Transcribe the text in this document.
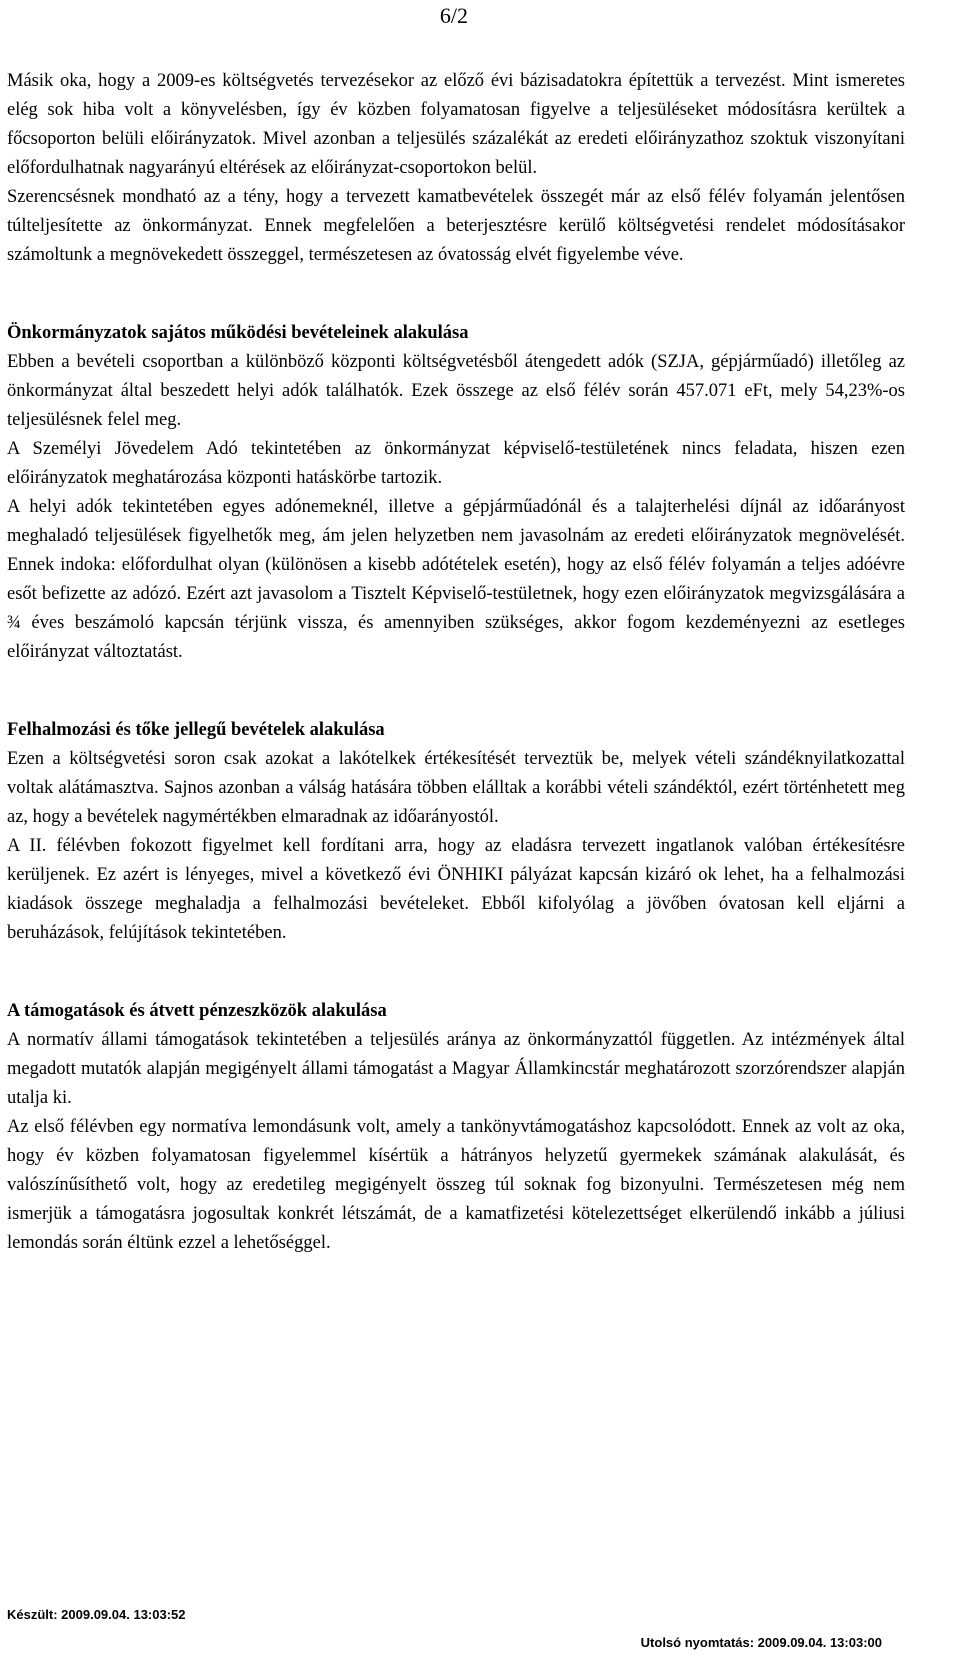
6/2

Másik oka, hogy a 2009-es költségvetés tervezésekor az előző évi bázisadatokra építettük a tervezést. Mint ismeretes elég sok hiba volt a könyvelésben, így év közben folyamatosan figyelve a teljesüléseket módosításra kerültek a főcsoporton belüli előirányzatok. Mivel azonban a teljesülés százalékát az eredeti előirányzathoz szoktuk viszonyítani előfordulhatnak nagyarányú eltérések az előirányzat-csoportokon belül.

Szerencsésnek mondható az a tény, hogy a tervezett kamatbevételek összegét már az első félév folyamán jelentősen túlteljesítette az önkormányzat. Ennek megfelelően a beterjesztésre kerülő költségvetési rendelet módosításakor számoltunk a megnövekedett összeggel, természetesen az óvatosság elvét figyelembe véve.

Önkormányzatok sajátos működési bevételeinek alakulása

Ebben a bevételi csoportban a különböző központi költségvetésből átengedett adók (SZJA, gépjárműadó) illetőleg az önkormányzat által beszedett helyi adók találhatók. Ezek összege az első félév során 457.071 eFt, mely 54,23%-os teljesülésnek felel meg.

A Személyi Jövedelem Adó tekintetében az önkormányzat képviselő-testületének nincs feladata, hiszen ezen előirányzatok meghatározása központi hatáskörbe tartozik.

A helyi adók tekintetében egyes adónemeknél, illetve a gépjárműadónál és a talajterhelési díjnál az időarányost meghaladó teljesülések figyelhetők meg, ám jelen helyzetben nem javasolnám az eredeti előirányzatok megnövelését. Ennek indoka: előfordulhat olyan (különösen a kisebb adótételek esetén), hogy az első félév folyamán a teljes adóévre esőt befizette az adózó. Ezért azt javasolom a Tisztelt Képviselő-testületnek, hogy ezen előirányzatok megvizsgálására a ¾ éves beszámoló kapcsán térjünk vissza, és amennyiben szükséges, akkor fogom kezdeményezni az esetleges előirányzat változtatást.

Felhalmozási és tőke jellegű bevételek alakulása

Ezen a költségvetési soron csak azokat a lakótelkek értékesítését terveztük be, melyek vételi szándéknyilatkozattal voltak alátámasztva. Sajnos azonban a válság hatására többen elálltak a korábbi vételi szándéktól, ezért történhetett meg az, hogy a bevételek nagymértékben elmaradnak az időarányostól.

A II. félévben fokozott figyelmet kell fordítani arra, hogy az eladásra tervezett ingatlanok valóban értékesítésre kerüljenek. Ez azért is lényeges, mivel a következő évi ÖNHIKI pályázat kapcsán kizáró ok lehet, ha a felhalmozási kiadások összege meghaladja a felhalmozási bevételeket. Ebből kifolyólag a jövőben óvatosan kell eljárni a beruházások, felújítások tekintetében.

A támogatások és átvett pénzeszközök alakulása

A normatív állami támogatások tekintetében a teljesülés aránya az önkormányzattól független. Az intézmények által megadott mutatók alapján megigényelt állami támogatást a Magyar Államkincstár meghatározott szorzórendszer alapján utalja ki.

Az első félévben egy normatíva lemondásunk volt, amely a tankönyvtámogatáshoz kapcsolódott. Ennek az volt az oka, hogy év közben folyamatosan figyelemmel kísértük a hátrányos helyzetű gyermekek számának alakulását, és valószínűsíthető volt, hogy az eredetileg megigényelt összeg túl soknak fog bizonyulni. Természetesen még nem ismerjük a támogatásra jogosultak konkrét létszámát, de a kamatfizetési kötelezettséget elkerülendő inkább a júliusi lemondás során éltünk ezzel a lehetőséggel.

Készült: 2009.09.04. 13:03:52
Utolsó nyomtatás: 2009.09.04. 13:03:00
